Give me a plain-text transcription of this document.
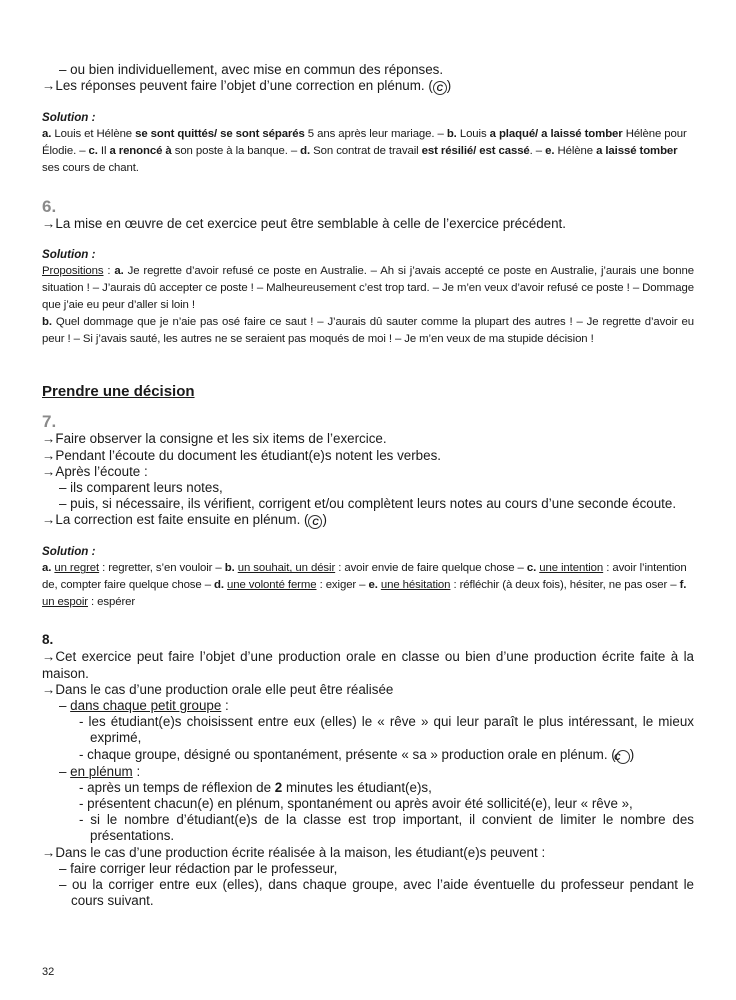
– ou bien individuellement, avec mise en commun des réponses.
→ Les réponses peuvent faire l’objet d’une correction en plénum. ( C )
Solution :
a. Louis et Hélène se sont quittés/ se sont séparés 5 ans après leur mariage. – b. Louis a plaqué/ a laissé tomber Hélène pour Élodie. – c. Il a renoncé à son poste à la banque. – d. Son contrat de travail est résilié/ est cassé. – e. Hélène a laissé tomber ses cours de chant.
6.
→ La mise en œuvre de cet exercice peut être semblable à celle de l’exercice précédent.
Solution :
Propositions : a. Je regrette d’avoir refusé ce poste en Australie. – Ah si j’avais accepté ce poste en Australie, j’aurais une bonne situation ! – J’aurais dû accepter ce poste ! – Malheureusement c’est trop tard. – Je m’en veux d’avoir refusé ce poste ! – Dommage que j’aie eu peur d’aller si loin !
b. Quel dommage que je n’aie pas osé faire ce saut ! – J’aurais dû sauter comme la plupart des autres ! – Je regrette d’avoir eu peur ! – Si j’avais sauté, les autres ne se seraient pas moqués de moi ! – Je m’en veux de ma stupide décision !
Prendre une décision
7.
→ Faire observer la consigne et les six items de l’exercice.
→ Pendant l’écoute du document les étudiant(e)s notent les verbes.
→ Après l’écoute :
– ils comparent leurs notes,
– puis, si nécessaire, ils vérifient, corrigent et/ou complètent leurs notes au cours d’une seconde écoute.
→ La correction est faite ensuite en plénum. ( C )
Solution :
a. un regret : regretter, s’en vouloir – b. un souhait, un désir : avoir envie de faire quelque chose – c. une intention : avoir l’intention de, compter faire quelque chose – d. une volonté ferme : exiger – e. une hésitation : réfléchir (à deux fois), hésiter, ne pas oser – f. un espoir : espérer
8.
→ Cet exercice peut faire l’objet d’une production orale en classe ou bien d’une production écrite faite à la maison.
→ Dans le cas d’une production orale elle peut être réalisée
– dans chaque petit groupe :
- les étudiant(e)s choisissent entre eux (elles) le « rêve » qui leur paraît le plus intéressant, le mieux exprimé,
- chaque groupe, désigné ou spontanément, présente « sa » production orale en plénum. (C )
– en plénum :
- après un temps de réflexion de 2 minutes les étudiant(e)s,
- présentent chacun(e) en plénum, spontanément ou après avoir été sollicité(e), leur « rêve »,
- si le nombre d’étudiant(e)s de la classe est trop important, il convient de limiter le nombre des présentations.
→ Dans le cas d’une production écrite réalisée à la maison, les étudiant(e)s peuvent :
– faire corriger leur rédaction par le professeur,
– ou la corriger entre eux (elles), dans chaque groupe, avec l’aide éventuelle du professeur pendant le cours suivant.
32
